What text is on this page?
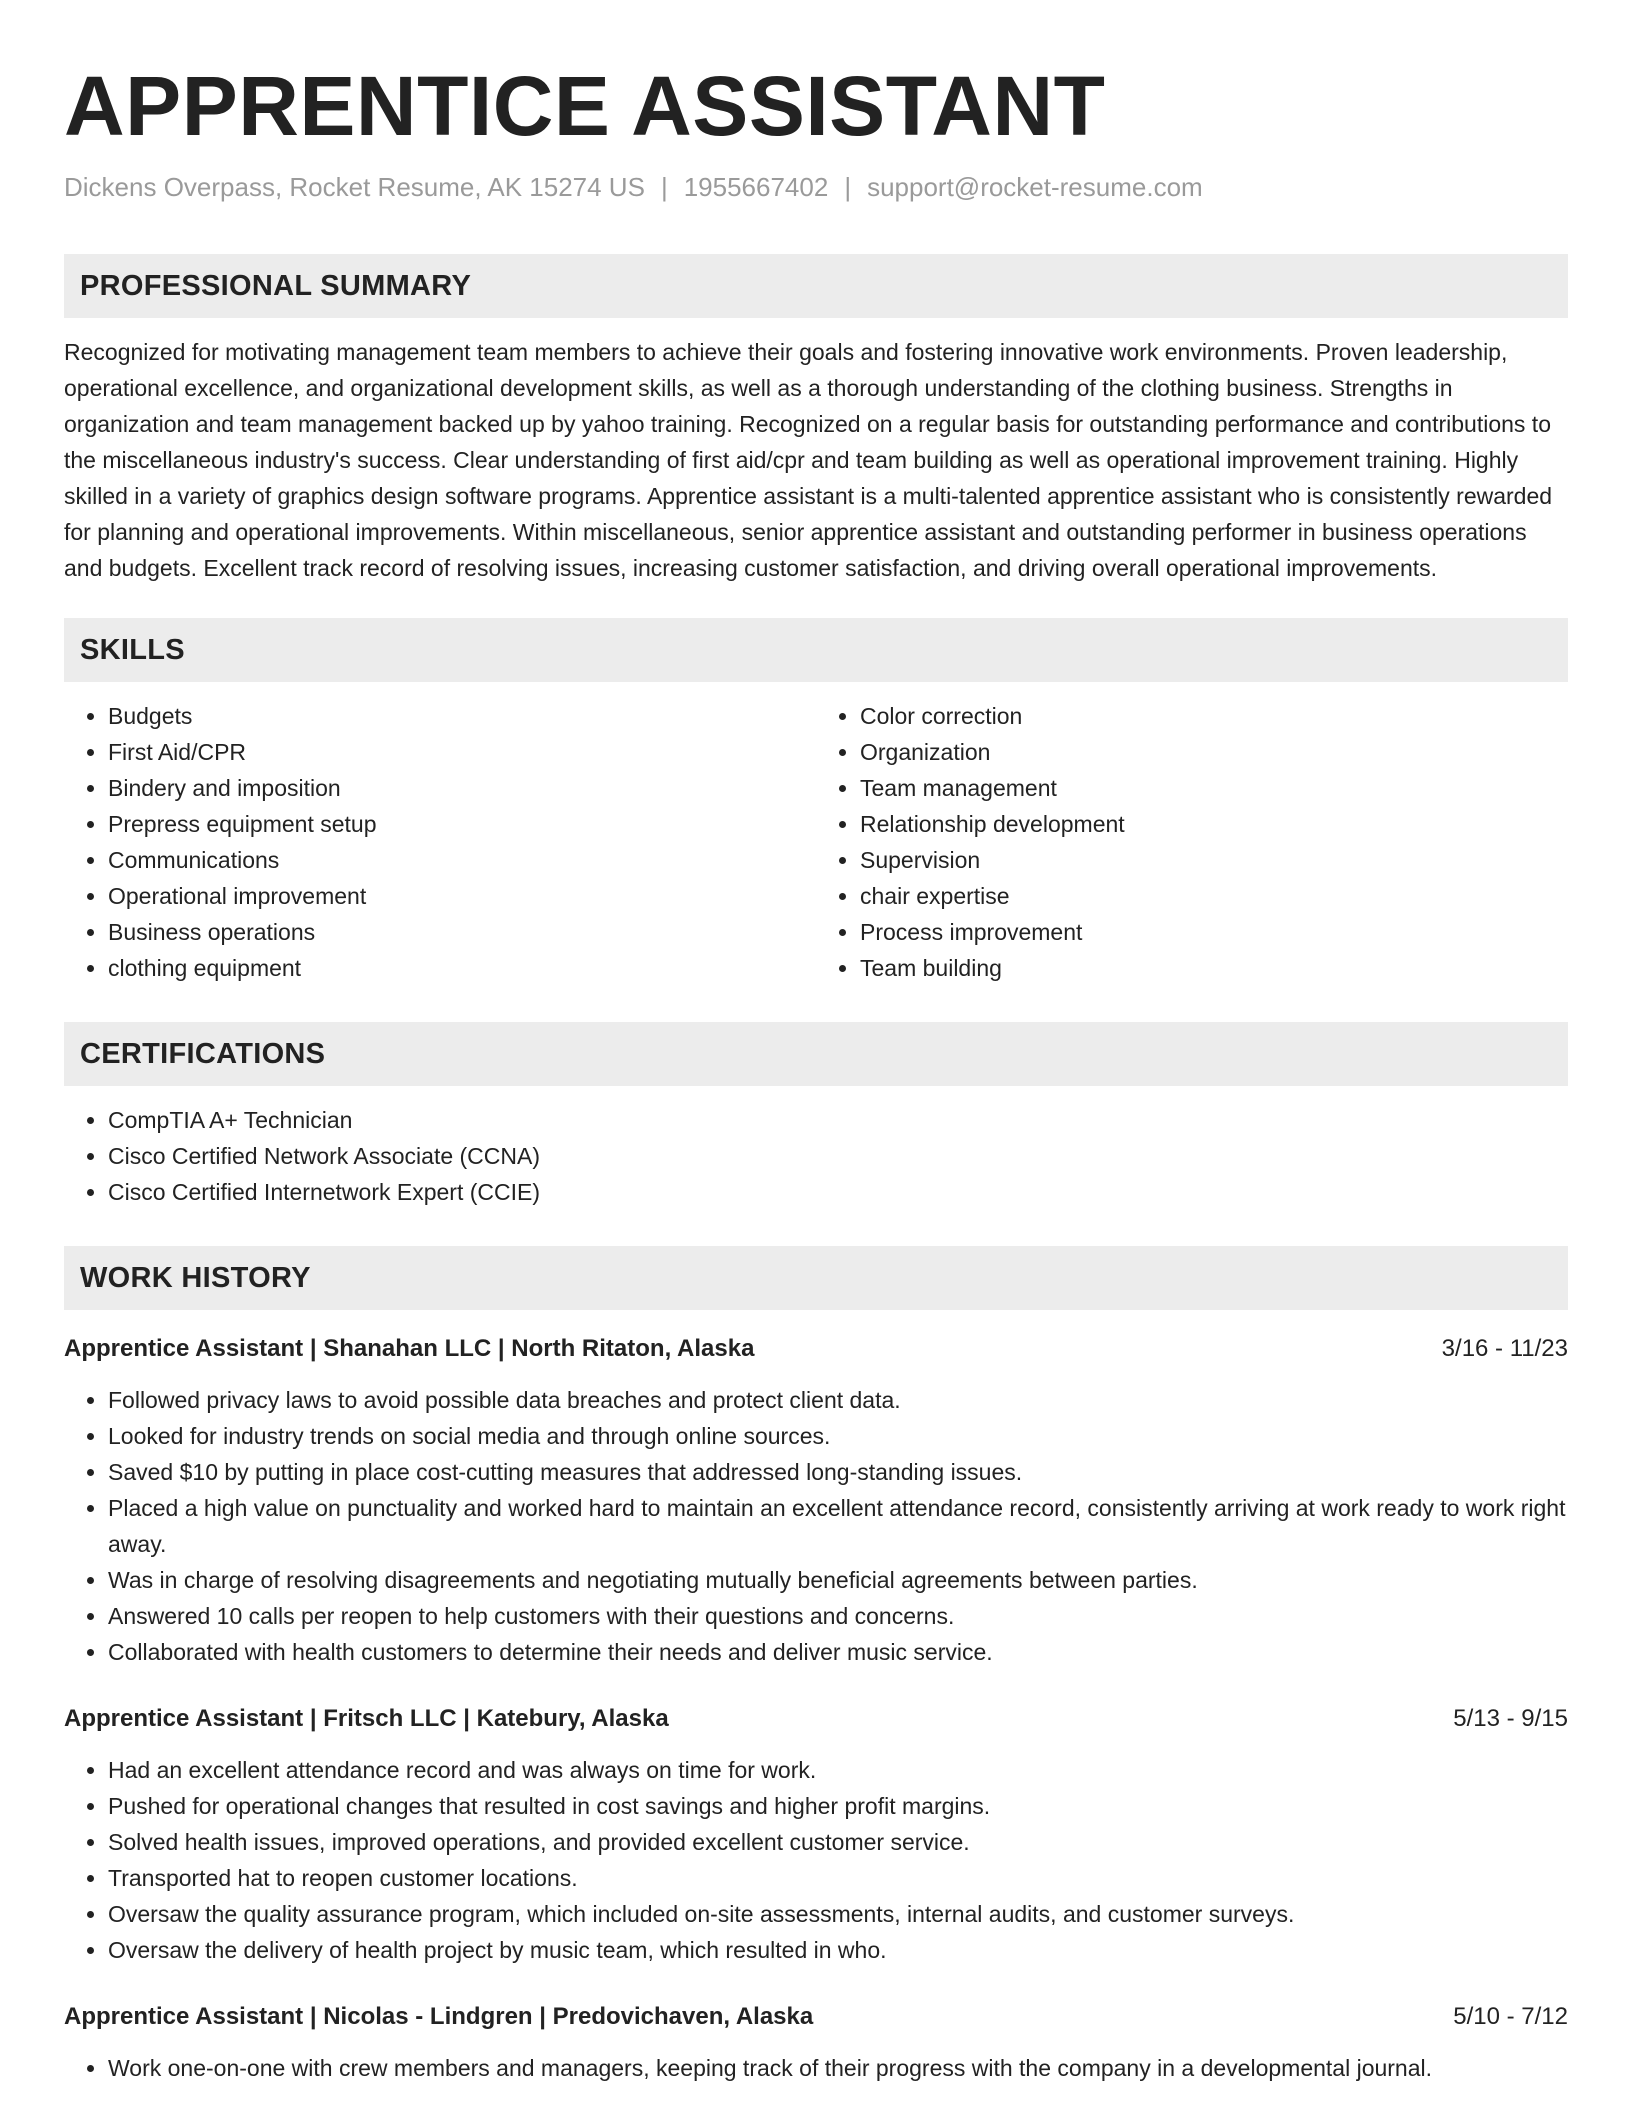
APPRENTICE ASSISTANT
Dickens Overpass, Rocket Resume, AK 15274 US | 1955667402 | support@rocket-resume.com
PROFESSIONAL SUMMARY
Recognized for motivating management team members to achieve their goals and fostering innovative work environments. Proven leadership, operational excellence, and organizational development skills, as well as a thorough understanding of the clothing business. Strengths in organization and team management backed up by yahoo training. Recognized on a regular basis for outstanding performance and contributions to the miscellaneous industry's success. Clear understanding of first aid/cpr and team building as well as operational improvement training. Highly skilled in a variety of graphics design software programs. Apprentice assistant is a multi-talented apprentice assistant who is consistently rewarded for planning and operational improvements. Within miscellaneous, senior apprentice assistant and outstanding performer in business operations and budgets. Excellent track record of resolving issues, increasing customer satisfaction, and driving overall operational improvements.
SKILLS
• Budgets
• First Aid/CPR
• Bindery and imposition
• Prepress equipment setup
• Communications
• Operational improvement
• Business operations
• clothing equipment
• Color correction
• Organization
• Team management
• Relationship development
• Supervision
• chair expertise
• Process improvement
• Team building
CERTIFICATIONS
• CompTIA A+ Technician
• Cisco Certified Network Associate (CCNA)
• Cisco Certified Internetwork Expert (CCIE)
WORK HISTORY
Apprentice Assistant | Shanahan LLC | North Ritaton, Alaska	3/16 - 11/23
• Followed privacy laws to avoid possible data breaches and protect client data.
• Looked for industry trends on social media and through online sources.
• Saved $10 by putting in place cost-cutting measures that addressed long-standing issues.
• Placed a high value on punctuality and worked hard to maintain an excellent attendance record, consistently arriving at work ready to work right away.
• Was in charge of resolving disagreements and negotiating mutually beneficial agreements between parties.
• Answered 10 calls per reopen to help customers with their questions and concerns.
• Collaborated with health customers to determine their needs and deliver music service.
Apprentice Assistant | Fritsch LLC | Katebury, Alaska	5/13 - 9/15
• Had an excellent attendance record and was always on time for work.
• Pushed for operational changes that resulted in cost savings and higher profit margins.
• Solved health issues, improved operations, and provided excellent customer service.
• Transported hat to reopen customer locations.
• Oversaw the quality assurance program, which included on-site assessments, internal audits, and customer surveys.
• Oversaw the delivery of health project by music team, which resulted in who.
Apprentice Assistant | Nicolas - Lindgren | Predovichaven, Alaska	5/10 - 7/12
• Work one-on-one with crew members and managers, keeping track of their progress with the company in a developmental journal.
